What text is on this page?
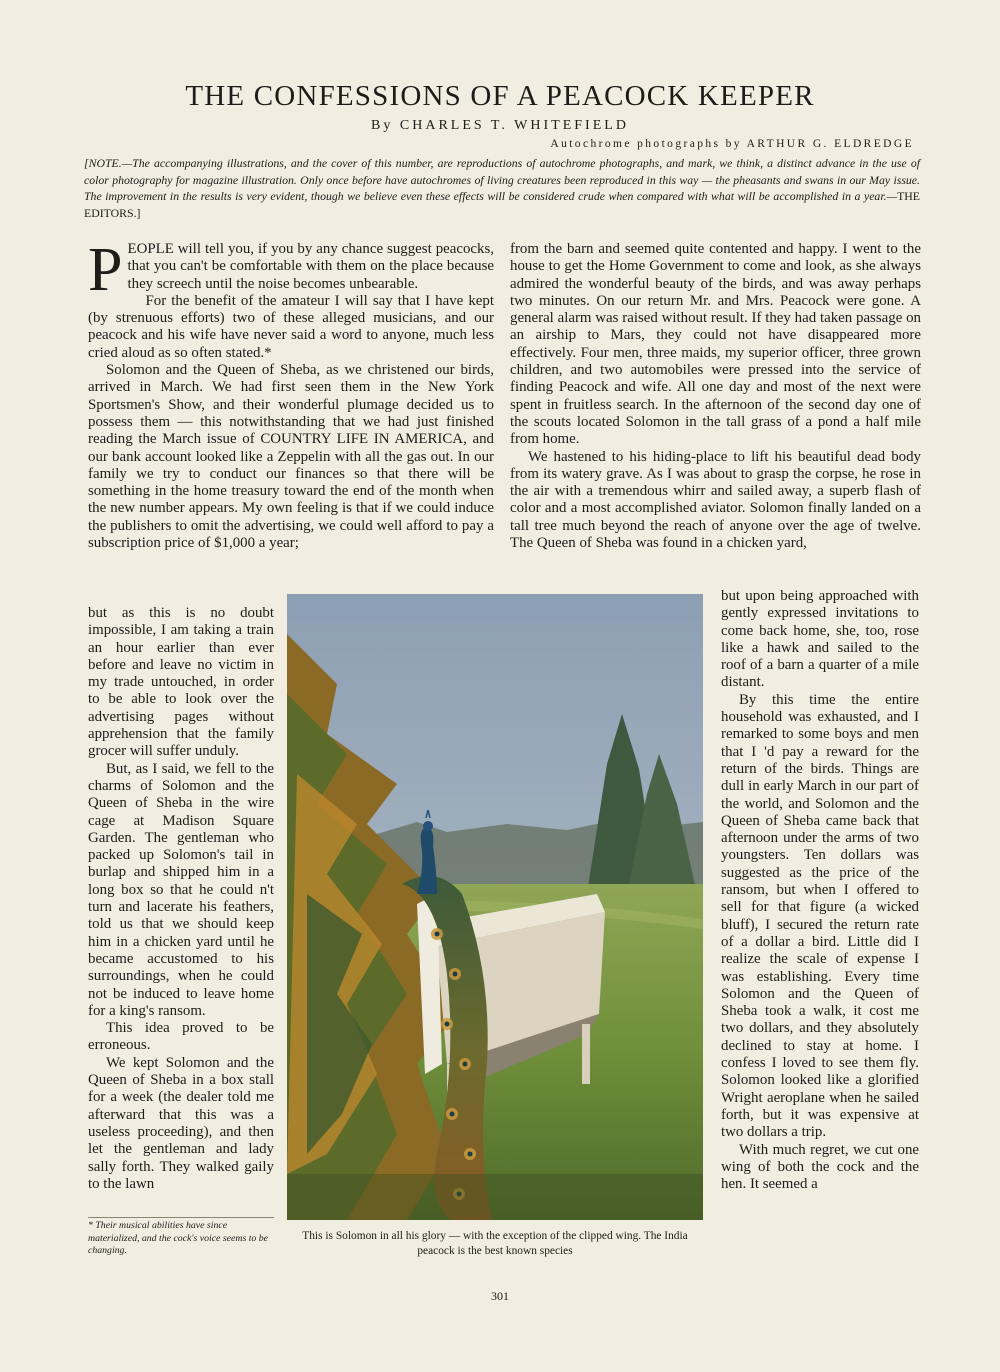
THE CONFESSIONS OF A PEACOCK KEEPER
By CHARLES T. WHITEFIELD
Autochrome photographs by ARTHUR G. ELDREDGE
[NOTE.—The accompanying illustrations, and the cover of this number, are reproductions of autochrome photographs, and mark, we think, a distinct advance in the use of color photography for magazine illustration. Only once before have autochromes of living creatures been reproduced in this way — the pheasants and swans in our May issue. The improvement in the results is very evident, though we believe even these effects will be considered crude when compared with what will be accomplished in a year.—THE EDITORS.]

PEOPLE will tell you, if you by any chance suggest peacocks, that you can't be comfortable with them on the place because they screech until the noise becomes unbearable.

For the benefit of the amateur I will say that I have kept (by strenuous efforts) two of these alleged musicians, and our peacock and his wife have never said a word to anyone, much less cried aloud as so often stated.*

Solomon and the Queen of Sheba, as we christened our birds, arrived in March. We had first seen them in the New York Sportsmen's Show, and their wonderful plumage decided us to possess them — this notwithstanding that we had just finished reading the March issue of COUNTRY LIFE IN AMERICA, and our bank account looked like a Zeppelin with all the gas out. In our family we try to conduct our finances so that there will be something in the home treasury toward the end of the month when the new number appears. My own feeling is that if we could induce the publishers to omit the advertising, we could well afford to pay a subscription price of $1,000 a year;

but as this is no doubt impossible, I am taking a train an hour earlier than ever before and leave no victim in my trade untouched, in order to be able to look over the advertising pages without apprehension that the family grocer will suffer unduly.

But, as I said, we fell to the charms of Solomon and the Queen of Sheba in the wire cage at Madison Square Garden. The gentleman who packed up Solomon's tail in burlap and shipped him in a long box so that he could n't turn and lacerate his feathers, told us that we should keep him in a chicken yard until he became accustomed to his surroundings, when he could not be induced to leave home for a king's ransom.

This idea proved to be erroneous.

We kept Solomon and the Queen of Sheba in a box stall for a week (the dealer told me afterward that this was a useless proceeding), and then let the gentleman and lady sally forth. They walked gaily to the lawn

from the barn and seemed quite contented and happy. I went to the house to get the Home Government to come and look, as she always admired the wonderful beauty of the birds, and was away perhaps two minutes. On our return Mr. and Mrs. Peacock were gone. A general alarm was raised without result. If they had taken passage on an airship to Mars, they could not have disappeared more effectively. Four men, three maids, my superior officer, three grown children, and two automobiles were pressed into the service of finding Peacock and wife. All one day and most of the next were spent in fruitless search. In the afternoon of the second day one of the scouts located Solomon in the tall grass of a pond a half mile from home.

We hastened to his hiding-place to lift his beautiful dead body from its watery grave. As I was about to grasp the corpse, he rose in the air with a tremendous whirr and sailed away, a superb flash of color and a most accomplished aviator. Solomon finally landed on a tall tree much beyond the reach of anyone over the age of twelve. The Queen of Sheba was found in a chicken yard,

but upon being approached with gently expressed invitations to come back home, she, too, rose like a hawk and sailed to the roof of a barn a quarter of a mile distant.

By this time the entire household was exhausted, and I remarked to some boys and men that I 'd pay a reward for the return of the birds. Things are dull in early March in our part of the world, and Solomon and the Queen of Sheba came back that afternoon under the arms of two youngsters. Ten dollars was suggested as the price of the ransom, but when I offered to sell for that figure (a wicked bluff), I secured the return rate of a dollar a bird. Little did I realize the scale of expense I was establishing. Every time Solomon and the Queen of Sheba took a walk, it cost me two dollars, and they absolutely declined to stay at home. I confess I loved to see them fly. Solomon looked like a glorified Wright aeroplane when he sailed forth, but it was expensive at two dollars a trip.

With much regret, we cut one wing of both the cock and the hen. It seemed a

This is Solomon in all his glory — with the exception of the clipped wing. The India peacock is the best known species
* Their musical abilities have since materialized, and the cock's voice seems to be changing.
301
